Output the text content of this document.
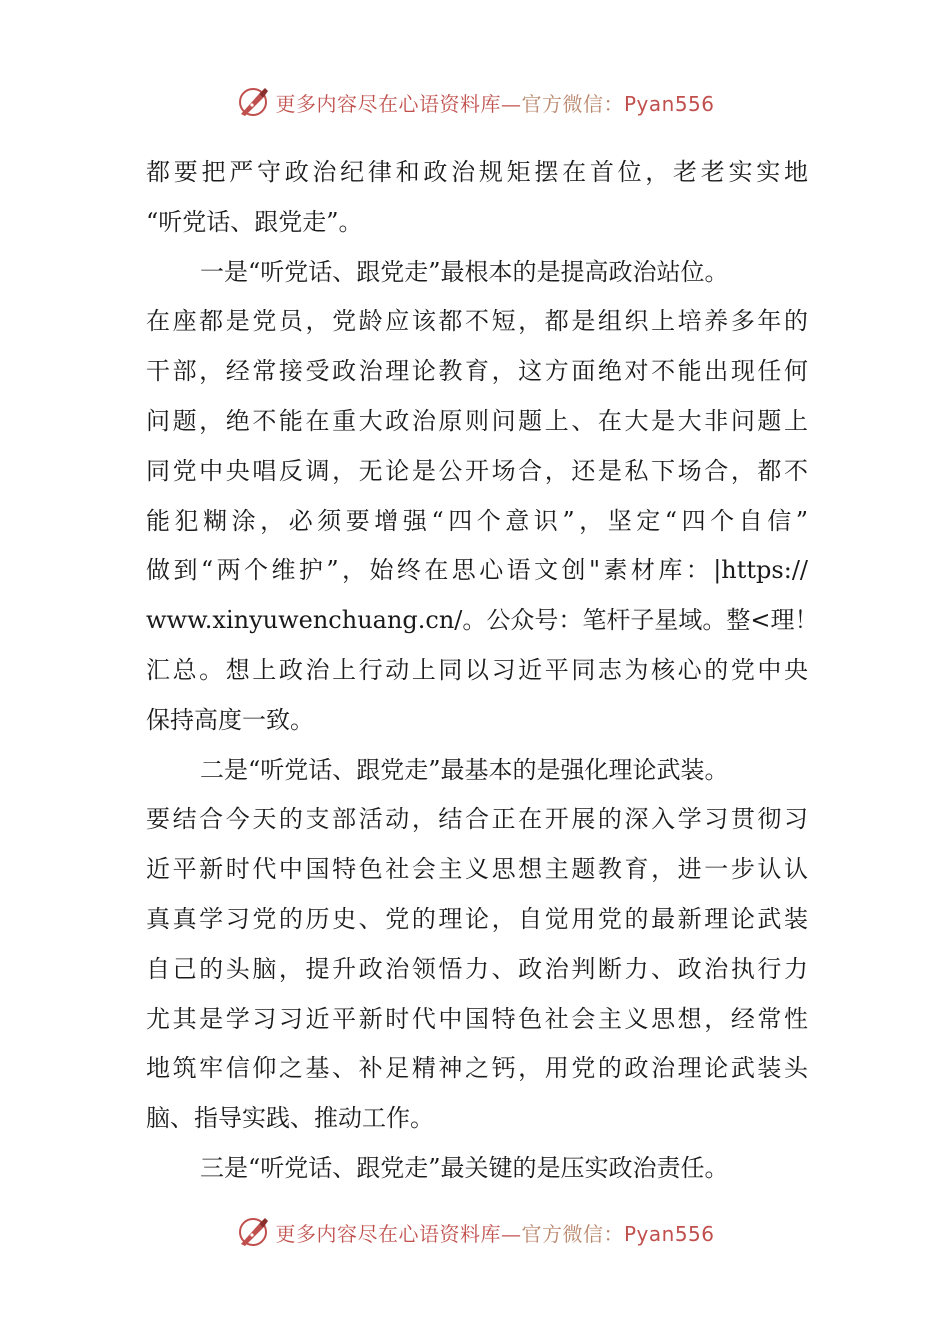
更多内容尽在心语资料库—官方微信：Pyan556
都要把严守政治纪律和政治规矩摆在首位，老老实实地
“听党话、跟党走”。
一是“听党话、跟党走”最根本的是提高政治站位。
在座都是党员，党龄应该都不短，都是组织上培养多年的
干部，经常接受政治理论教育，这方面绝对不能出现任何
问题，绝不能在重大政治原则问题上、在大是大非问题上
同党中央唱反调，无论是公开场合，还是私下场合，都不
能犯糊涂，必须要增强“四个意识”，坚定“四个自信”
做到“两个维护”，始终在思心语文创"素材库：|https://
www.xinyuwenchuang.cn/。公众号：笔杆子星域。整<理！
汇总。想上政治上行动上同以习近平同志为核心的党中央
保持高度一致。
二是“听党话、跟党走”最基本的是强化理论武装。
要结合今天的支部活动，结合正在开展的深入学习贯彻习
近平新时代中国特色社会主义思想主题教育，进一步认认
真真学习党的历史、党的理论，自觉用党的最新理论武装
自己的头脑，提升政治领悟力、政治判断力、政治执行力
尤其是学习习近平新时代中国特色社会主义思想，经常性
地筑牢信仰之基、补足精神之钙，用党的政治理论武装头
脑、指导实践、推动工作。
三是“听党话、跟党走”最关键的是压实政治责任。
更多内容尽在心语资料库—官方微信：Pyan556
